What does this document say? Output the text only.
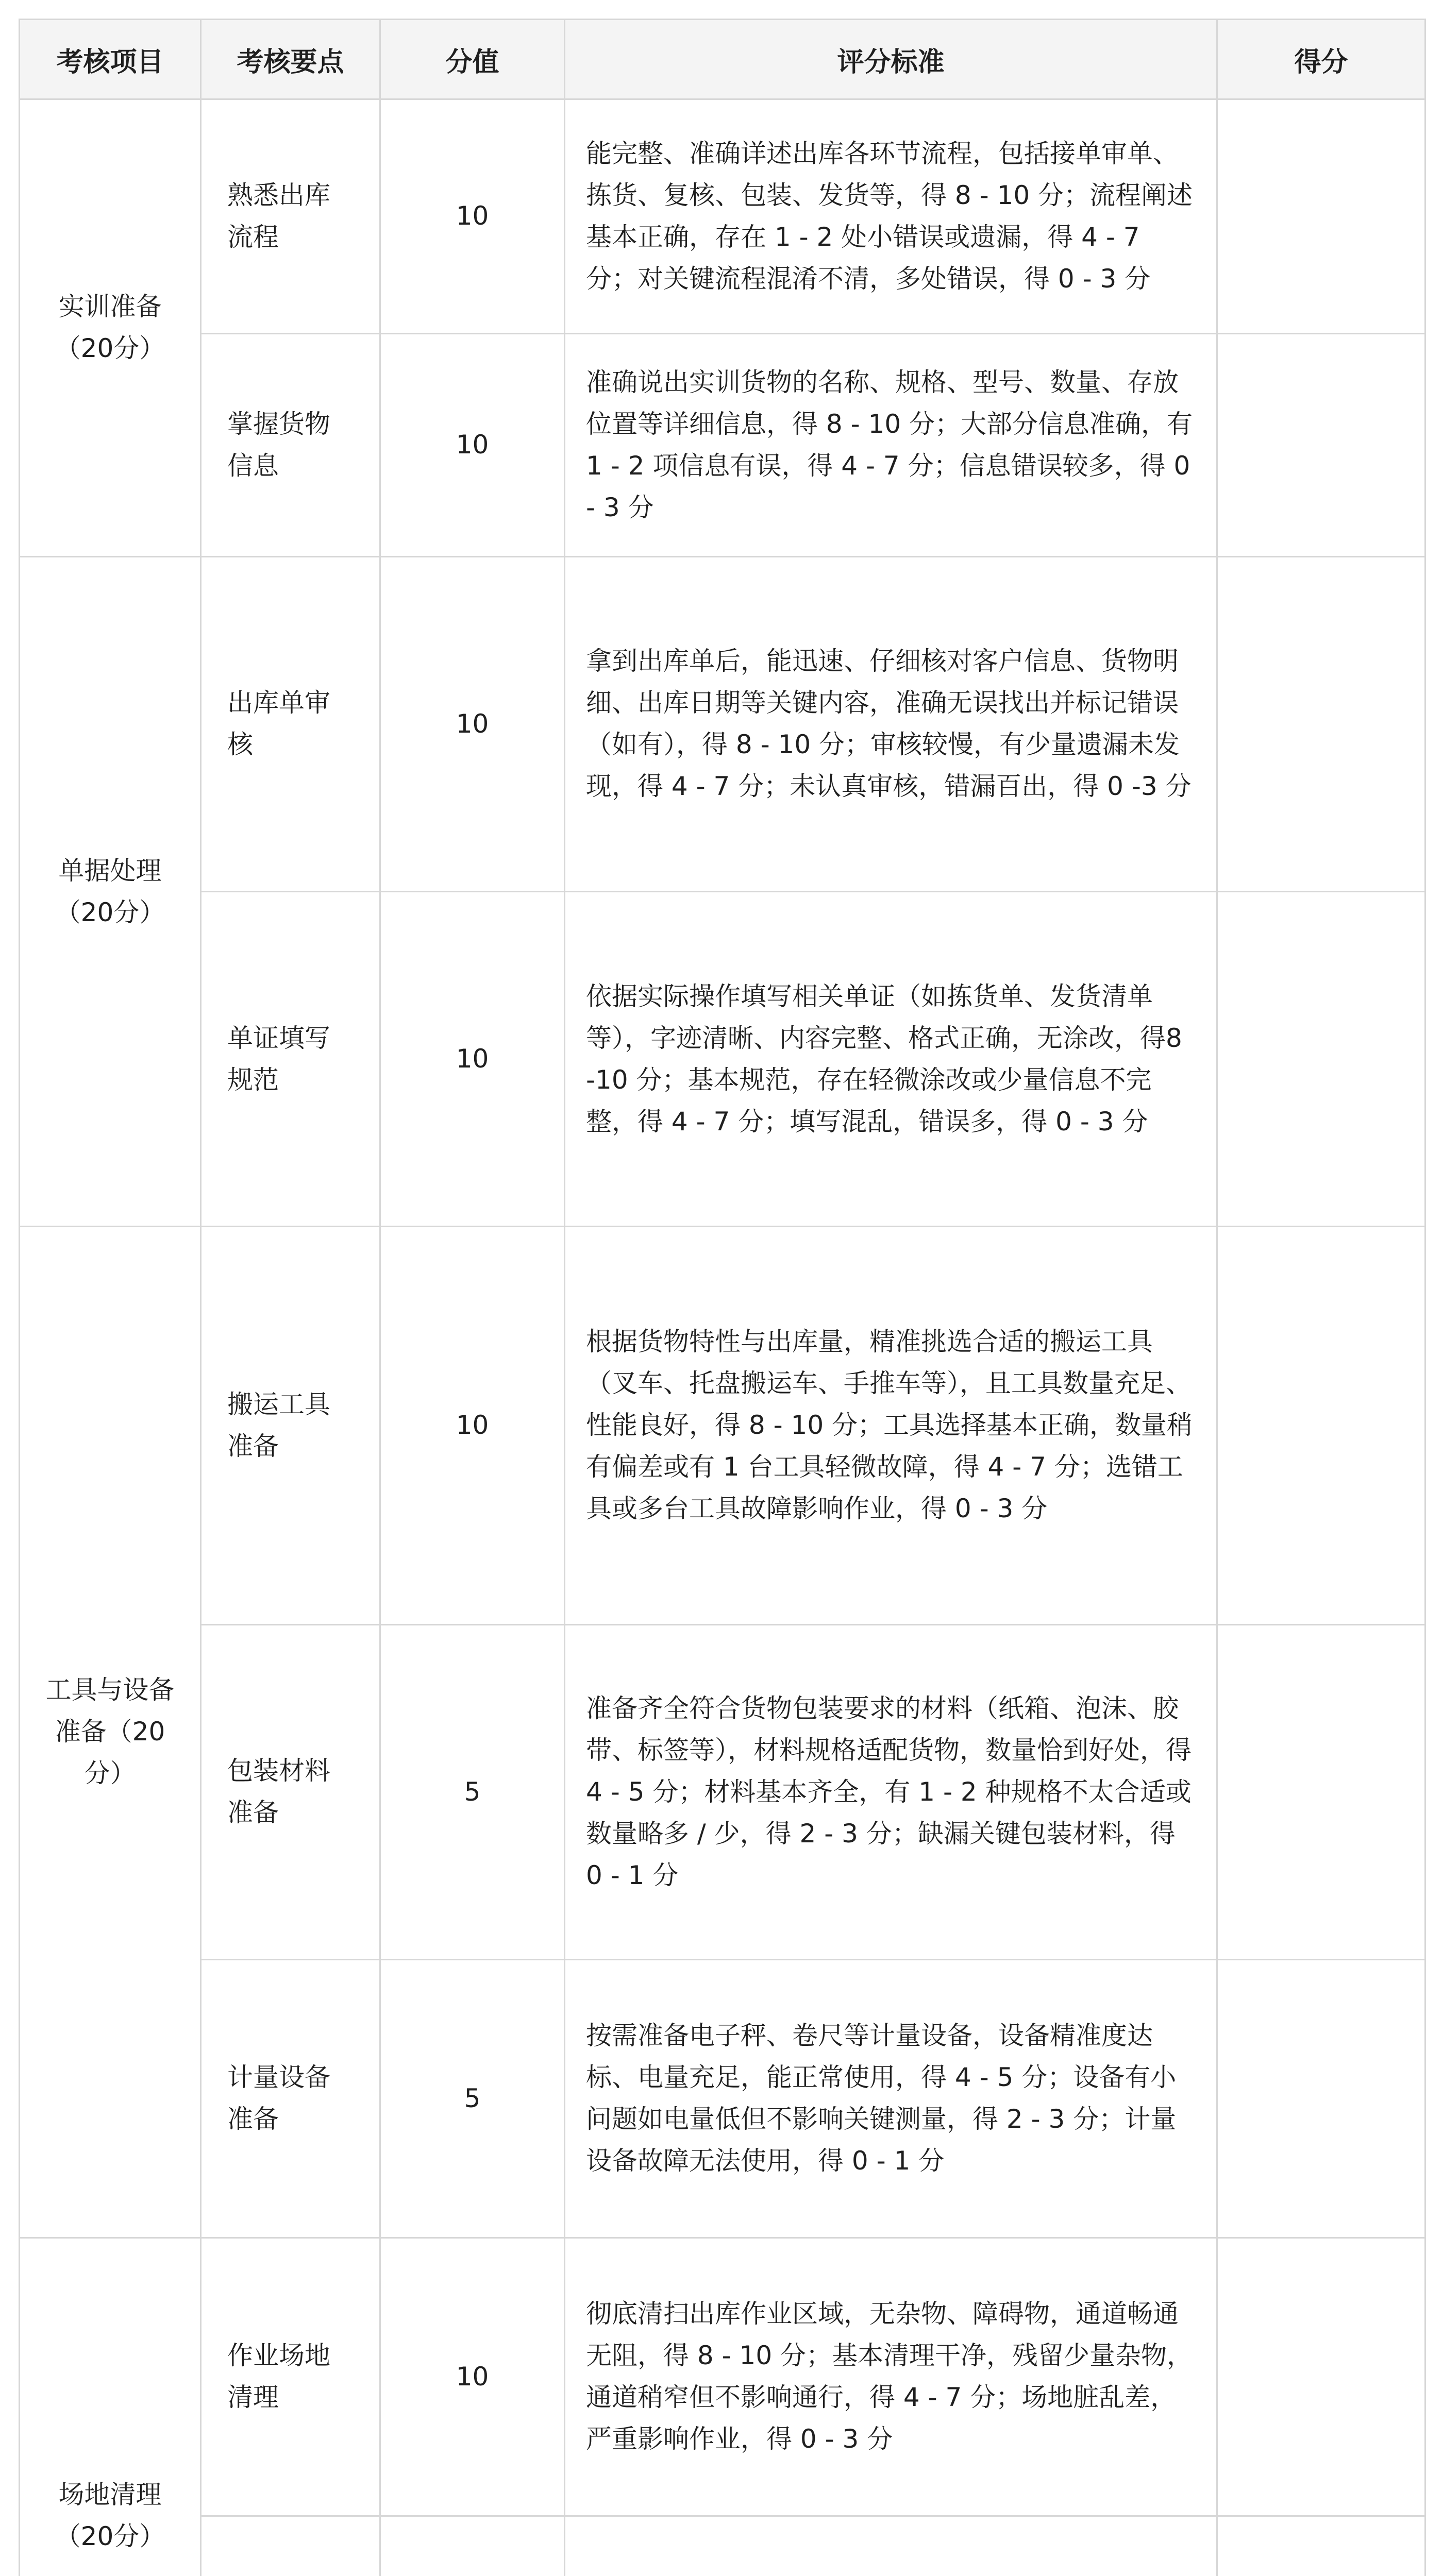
考核项目	考核要点	分值	评分标准	得分
实训准备（20分）	熟悉出库流程	10	能完整、准确详述出库各环节流程，包括接单审单、拣货、复核、包装、发货等，得 8 - 10 分；流程阐述基本正确，存在 1 - 2 处小错误或遗漏，得 4 - 7 分；对关键流程混淆不清，多处错误，得 0 - 3 分	
	掌握货物信息	10	准确说出实训货物的名称、规格、型号、数量、存放位置等详细信息，得 8 - 10 分；大部分信息准确，有 1 - 2 项信息有误，得 4 - 7 分；信息错误较多，得 0 - 3 分	
单据处理（20分）	出库单审核	10	拿到出库单后，能迅速、仔细核对客户信息、货物明细、出库日期等关键内容，准确无误找出并标记错误（如有），得 8 - 10 分；审核较慢，有少量遗漏未发现，得 4 - 7 分；未认真审核，错漏百出，得 0 -3 分	
	单证填写规范	10	依据实际操作填写相关单证（如拣货单、发货清单等），字迹清晰、内容完整、格式正确，无涂改，得8 -10 分；基本规范，存在轻微涂改或少量信息不完整，得 4 - 7 分；填写混乱，错误多，得 0 - 3 分	
工具与设备准备（20分）	搬运工具准备	10	根据货物特性与出库量，精准挑选合适的搬运工具（叉车、托盘搬运车、手推车等），且工具数量充足、性能良好，得 8 - 10 分；工具选择基本正确，数量稍有偏差或有 1 台工具轻微故障，得 4 - 7 分；选错工具或多台工具故障影响作业，得 0 - 3 分	
	包装材料准备	5	准备齐全符合货物包装要求的材料（纸箱、泡沫、胶带、标签等），材料规格适配货物，数量恰到好处，得 4 - 5 分；材料基本齐全，有 1 - 2 种规格不太合适或数量略多 / 少，得 2 - 3 分；缺漏关键包装材料，得 0 - 1 分	
	计量设备准备	5	按需准备电子秤、卷尺等计量设备，设备精准度达标、电量充足，能正常使用，得 4 - 5 分；设备有小问题如电量低但不影响关键测量，得 2 - 3 分；计量设备故障无法使用，得 0 - 1 分	
场地清理（20分）	作业场地清理	10	彻底清扫出库作业区域，无杂物、障碍物，通道畅通无阻，得 8 - 10 分；基本清理干净，残留少量杂物，通道稍窄但不影响通行，得 4 - 7 分；场地脏乱差，严重影响作业，得 0 - 3 分	
